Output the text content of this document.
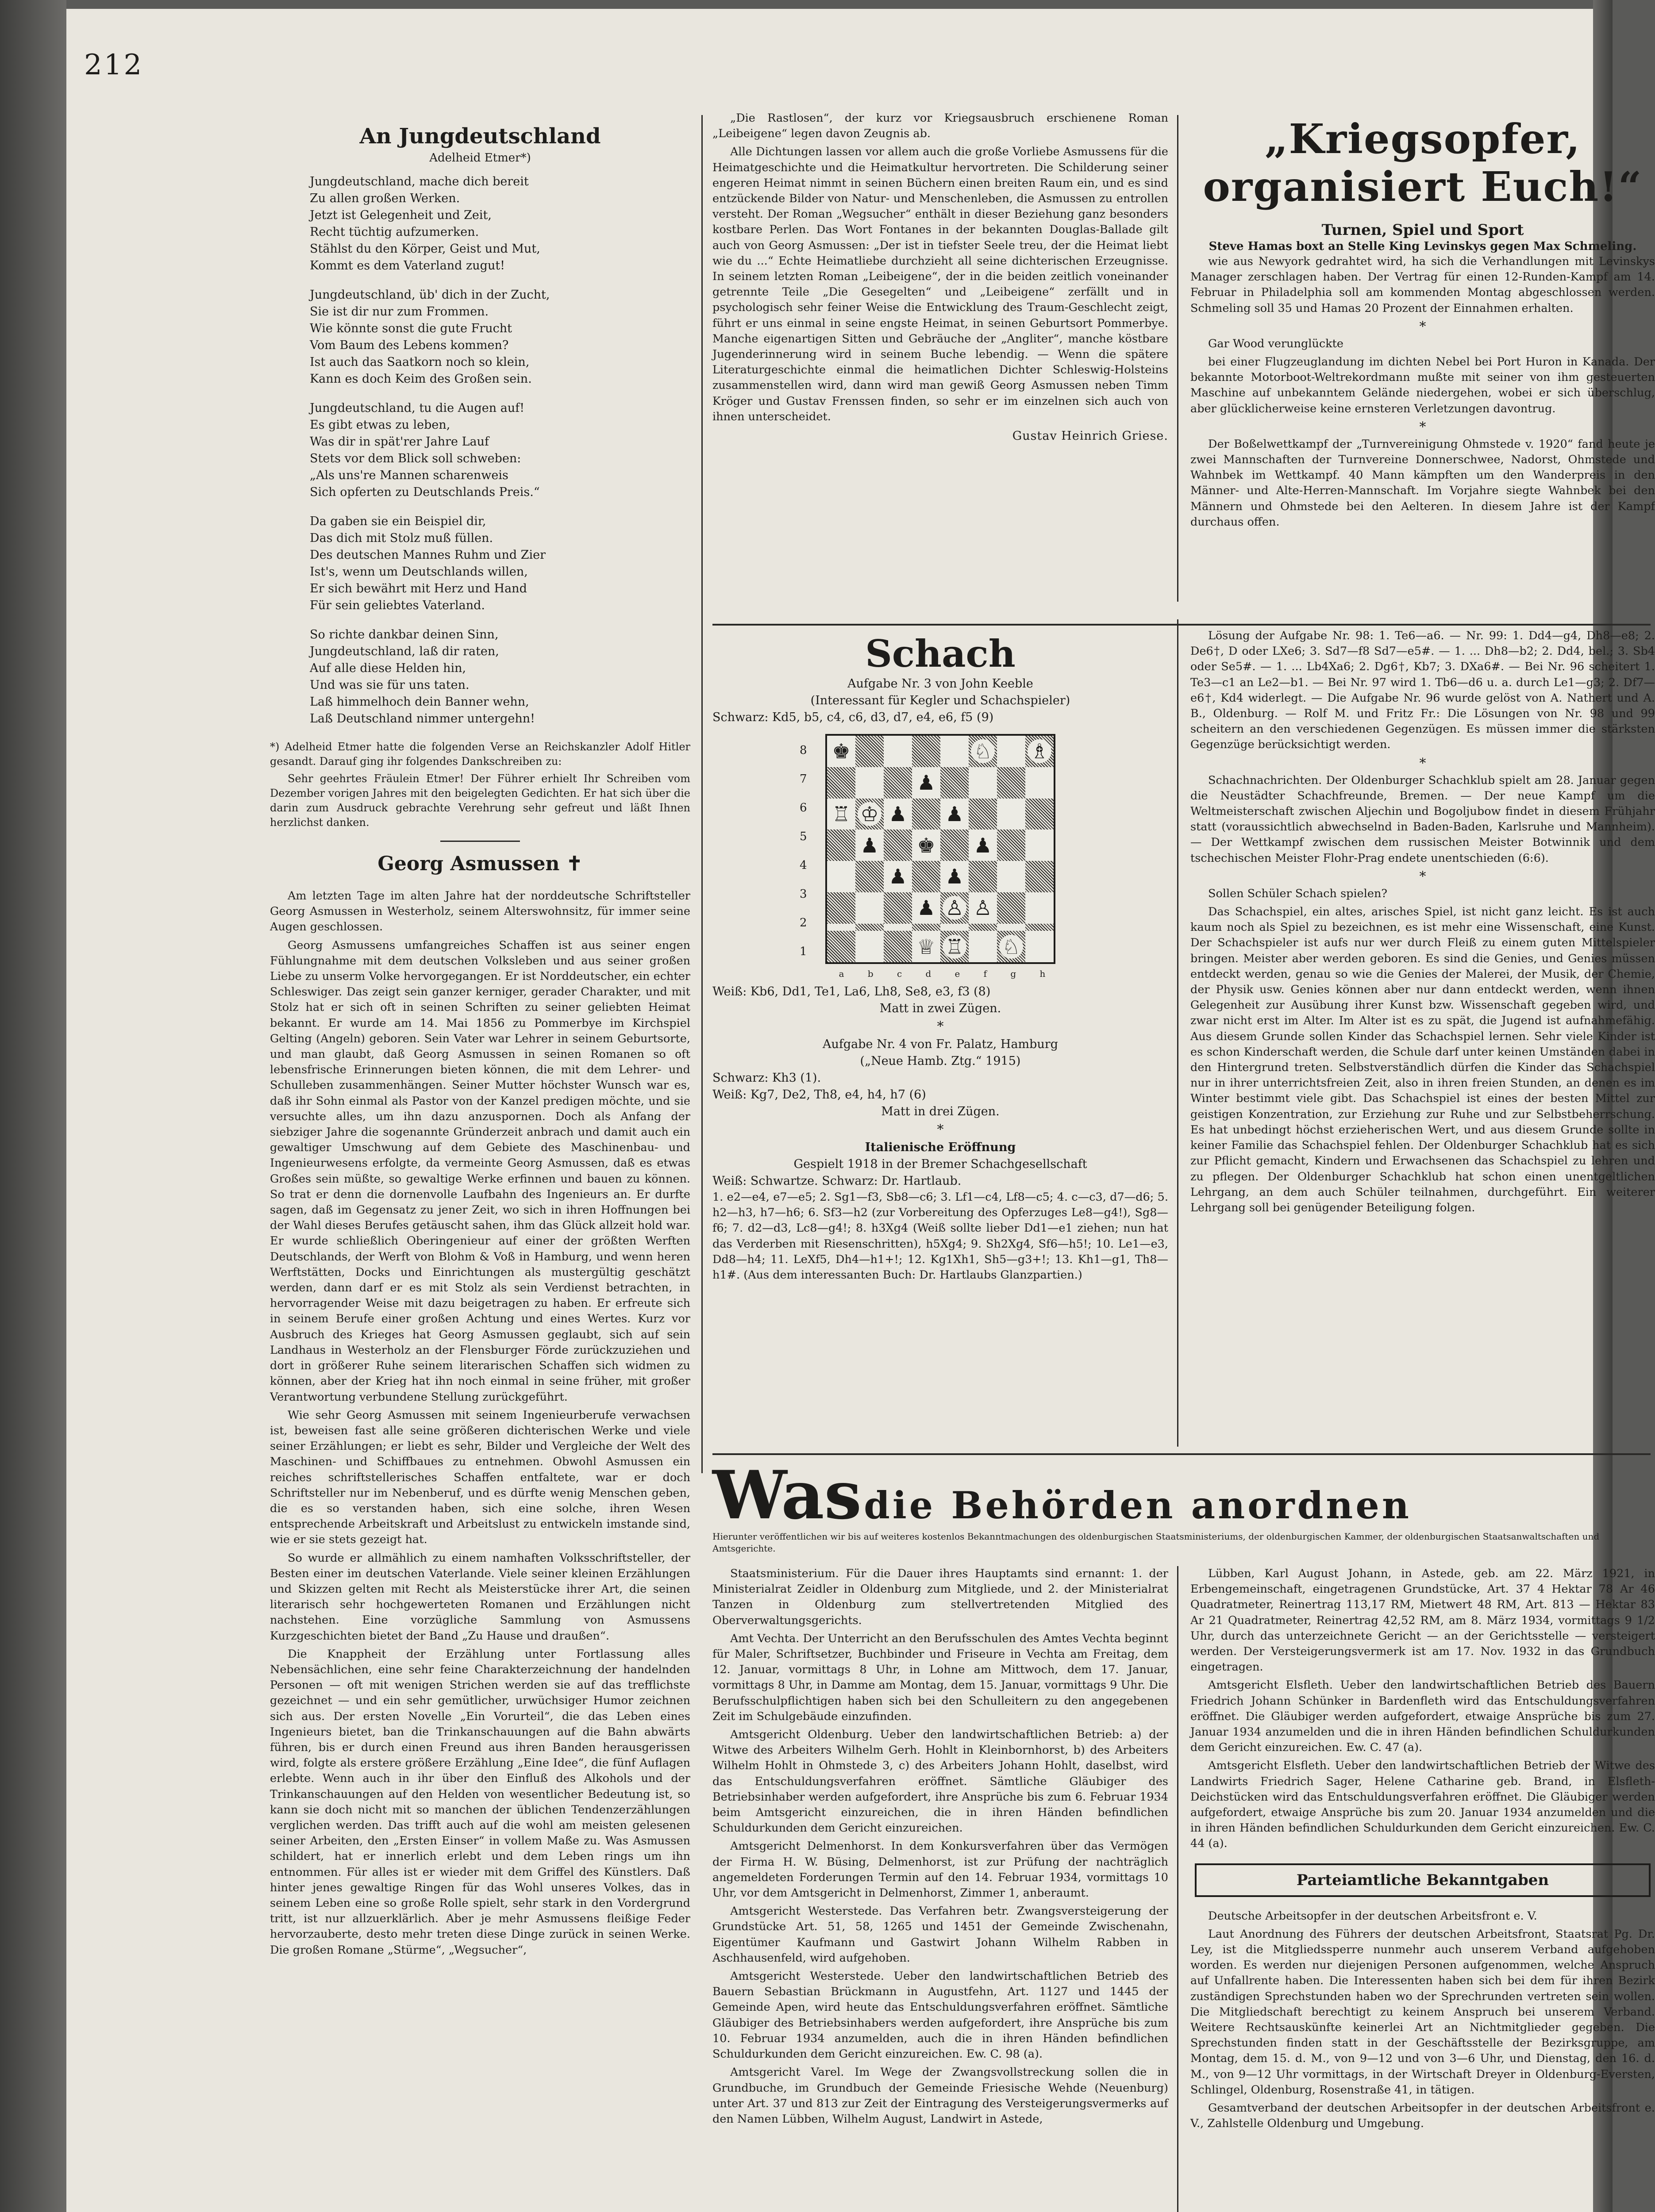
212
An Jungdeutschland
Adelheid Etmer*)

Jungdeutschland, mache dich bereit

Zu allen großen Werken.

Jetzt ist Gelegenheit und Zeit,

Recht tüchtig aufzumerken.

Stählst du den Körper, Geist und Mut,

Kommt es dem Vaterland zugut!

Jungdeutschland, üb' dich in der Zucht,

Sie ist dir nur zum Frommen.

Wie könnte sonst die gute Frucht

Vom Baum des Lebens kommen?

Ist auch das Saatkorn noch so klein,

Kann es doch Keim des Großen sein.

Jungdeutschland, tu die Augen auf!

Es gibt etwas zu leben,

Was dir in spät'rer Jahre Lauf

Stets vor dem Blick soll schweben:

„Als uns're Mannen scharenweis

Sich opferten zu Deutschlands Preis.“

Da gaben sie ein Beispiel dir,

Das dich mit Stolz muß füllen.

Des deutschen Mannes Ruhm und Zier

Ist's, wenn um Deutschlands willen,

Er sich bewährt mit Herz und Hand

Für sein geliebtes Vaterland.

So richte dankbar deinen Sinn,

Jungdeutschland, laß dir raten,

Auf alle diese Helden hin,

Und was sie für uns taten.

Laß himmelhoch dein Banner wehn,

Laß Deutschland nimmer untergehn!

*) Adelheid Etmer hatte die folgenden Verse an Reichskanzler Adolf Hitler gesandt. Darauf ging ihr folgendes Dankschreiben zu:

Sehr geehrtes Fräulein Etmer! Der Führer erhielt Ihr Schreiben vom Dezember vorigen Jahres mit den beigelegten Gedichten. Er hat sich über die darin zum Ausdruck gebrachte Verehrung sehr gefreut und läßt Ihnen herzlichst danken.

Georg Asmussen ✝

Am letzten Tage im alten Jahre hat der norddeutsche Schriftsteller Georg Asmussen in Westerholz, seinem Alterswohnsitz, für immer seine Augen geschlossen.

Georg Asmussens umfangreiches Schaffen ist aus seiner engen Fühlungnahme mit dem deutschen Volksleben und aus seiner großen Liebe zu unserm Volke hervorgegangen. Er ist Norddeutscher, ein echter Schleswiger. Das zeigt sein ganzer kerniger, gerader Charakter, und mit Stolz hat er sich oft in seinen Schriften zu seiner geliebten Heimat bekannt. Er wurde am 14. Mai 1856 zu Pommerbye im Kirchspiel Gelting (Angeln) geboren. Sein Vater war Lehrer in seinem Geburtsorte, und man glaubt, daß Georg Asmussen in seinen Romanen so oft lebensfrische Erinnerungen bieten können, die mit dem Lehrer- und Schulleben zusammenhängen. Seiner Mutter höchster Wunsch war es, daß ihr Sohn einmal als Pastor von der Kanzel predigen möchte, und sie versuchte alles, um ihn dazu anzuspornen. Doch als Anfang der siebziger Jahre die sogenannte Gründerzeit anbrach und damit auch ein gewaltiger Umschwung auf dem Gebiete des Maschinenbau- und Ingenieurwesens erfolgte, da vermeinte Georg Asmussen, daß es etwas Großes sein müßte, so gewaltige Werke erfinnen und bauen zu können. So trat er denn die dornenvolle Laufbahn des Ingenieurs an. Er durfte sagen, daß im Gegensatz zu jener Zeit, wo sich in ihren Hoffnungen bei der Wahl dieses Berufes getäuscht sahen, ihm das Glück allzeit hold war. Er wurde schließlich Oberingenieur auf einer der größten Werften Deutschlands, der Werft von Blohm & Voß in Hamburg, und wenn heren Werftstätten, Docks und Einrichtungen als mustergültig geschätzt werden, dann darf er es mit Stolz als sein Verdienst betrachten, in hervorragender Weise mit dazu beigetragen zu haben. Er erfreute sich in seinem Berufe einer großen Achtung und eines Wertes. Kurz vor Ausbruch des Krieges hat Georg Asmussen geglaubt, sich auf sein Landhaus in Westerholz an der Flensburger Förde zurückzuziehen und dort in größerer Ruhe seinem literarischen Schaffen sich widmen zu können, aber der Krieg hat ihn noch einmal in seine früher, mit großer Verantwortung verbundene Stellung zurückgeführt.

Wie sehr Georg Asmussen mit seinem Ingenieurberufe verwachsen ist, beweisen fast alle seine größeren dichterischen Werke und viele seiner Erzählungen; er liebt es sehr, Bilder und Vergleiche der Welt des Maschinen- und Schiffbaues zu entnehmen. Obwohl Asmussen ein reiches schriftstellerisches Schaffen entfaltete, war er doch Schriftsteller nur im Nebenberuf, und es dürfte wenig Menschen geben, die es so verstanden haben, sich eine solche, ihren Wesen entsprechende Arbeitskraft und Arbeitslust zu entwickeln imstande sind, wie er sie stets gezeigt hat.

So wurde er allmählich zu einem namhaften Volksschriftsteller, der Besten einer im deutschen Vaterlande. Viele seiner kleinen Erzählungen und Skizzen gelten mit Recht als Meisterstücke ihrer Art, die seinen literarisch sehr hochgewerteten Romanen und Erzählungen nicht nachstehen. Eine vorzügliche Sammlung von Asmussens Kurzgeschichten bietet der Band „Zu Hause und draußen“.

Die Knappheit der Erzählung unter Fortlassung alles Nebensächlichen, eine sehr feine Charakterzeichnung der handelnden Personen — oft mit wenigen Strichen werden sie auf das trefflichste gezeichnet — und ein sehr gemütlicher, urwüchsiger Humor zeichnen sich aus. Der ersten Novelle „Ein Vorurteil“, die das Leben eines Ingenieurs bietet, ban die Trinkanschauungen auf die Bahn abwärts führen, bis er durch einen Freund aus ihren Banden herausgerissen wird, folgte als erstere größere Erzählung „Eine Idee“, die fünf Auflagen erlebte. Wenn auch in ihr über den Einfluß des Alkohols und der Trinkanschauungen auf den Helden von wesentlicher Bedeutung ist, so kann sie doch nicht mit so manchen der üblichen Tendenzerzählungen verglichen werden. Das trifft auch auf die wohl am meisten gelesenen seiner Arbeiten, den „Ersten Einser“ in vollem Maße zu. Was Asmussen schildert, hat er innerlich erlebt und dem Leben rings um ihn entnommen. Für alles ist er wieder mit dem Griffel des Künstlers. Daß hinter jenes gewaltige Ringen für das Wohl unseres Volkes, das in seinem Leben eine so große Rolle spielt, sehr stark in den Vordergrund tritt, ist nur allzuerklärlich. Aber je mehr Asmussens fleißige Feder hervorzauberte, desto mehr treten diese Dinge zurück in seinen Werke. Die großen Romane „Stürme“, „Wegsucher“,

„Die Rastlosen“, der kurz vor Kriegsausbruch erschienene Roman „Leibeigene“ legen davon Zeugnis ab.

Alle Dichtungen lassen vor allem auch die große Vorliebe Asmussens für die Heimatgeschichte und die Heimatkultur hervortreten. Die Schilderung seiner engeren Heimat nimmt in seinen Büchern einen breiten Raum ein, und es sind entzückende Bilder von Natur- und Menschenleben, die Asmussen zu entrollen versteht. Der Roman „Wegsucher“ enthält in dieser Beziehung ganz besonders kostbare Perlen. Das Wort Fontanes in der bekannten Douglas-Ballade gilt auch von Georg Asmussen: „Der ist in tiefster Seele treu, der die Heimat liebt wie du ...“ Echte Heimatliebe durchzieht all seine dichterischen Erzeugnisse. In seinem letzten Roman „Leibeigene“, der in die beiden zeitlich voneinander getrennte Teile „Die Gesegelten“ und „Leibeigene“ zerfällt und in psychologisch sehr feiner Weise die Entwicklung des Traum-Geschlecht zeigt, führt er uns einmal in seine engste Heimat, in seinen Geburtsort Pommerbye. Manche eigenartigen Sitten und Gebräuche der „Angliter“, manche köstbare Jugenderinnerung wird in seinem Buche lebendig. — Wenn die spätere Literaturgeschichte einmal die heimatlichen Dichter Schleswig-Holsteins zusammenstellen wird, dann wird man gewiß Georg Asmussen neben Timm Kröger und Gustav Frenssen finden, so sehr er im einzelnen sich auch von ihnen unterscheidet.

Gustav Heinrich Griese.
„Kriegsopfer, organisiert Euch!“
Turnen, Spiel und Sport
Steve Hamas boxt an Stelle King Levinskys gegen Max Schmeling.

wie aus Newyork gedrahtet wird, ha sich die Verhandlungen mit Levinskys Manager zerschlagen haben. Der Vertrag für einen 12-Runden-Kampf am 14. Februar in Philadelphia soll am kommenden Montag abgeschlossen werden. Schmeling soll 35 und Hamas 20 Prozent der Einnahmen erhalten.

*

Gar Wood verunglückte

bei einer Flugzeuglandung im dichten Nebel bei Port Huron in Kanada. Der bekannte Motorboot-Weltrekordmann mußte mit seiner von ihm gesteuerten Maschine auf unbekanntem Gelände niedergehen, wobei er sich überschlug, aber glücklicherweise keine ernsteren Verletzungen davontrug.

*

Der Boßelwettkampf der „Turnvereinigung Ohmstede v. 1920“ fand heute je zwei Mannschaften der Turnvereine Donnerschwee, Nadorst, Ohmstede und Wahnbek im Wettkampf. 40 Mann kämpften um den Wanderpreis in den Männer- und Alte-Herren-Mannschaft. Im Vorjahre siegte Wahnbek bei den Männern und Ohmstede bei den Aelteren. In diesem Jahre ist der Kampf durchaus offen.

Schach
Aufgabe Nr. 3 von John Keeble
(Interessant für Kegler und Schachspieler)
Schwarz: Kd5, b5, c4, c6, d3, d7, e4, e6, f5 (9)
8
7
6
5
4
3
2
1
a	b	c	d	e	f	g	h
♚	♘ ♗
♟
♖ ♔ ♟ ♟
♟ ♚ ♟
♟ ♟
♟ ♙ ♙
♕ ♖ ♘
Weiß: Kb6, Dd1, Te1, La6, Lh8, Se8, e3, f3 (8)
Matt in zwei Zügen.
*
Aufgabe Nr. 4 von Fr. Palatz, Hamburg
(„Neue Hamb. Ztg.“ 1915)
Schwarz: Kh3 (1).
Weiß: Kg7, De2, Th8, e4, h4, h7 (6)
Matt in drei Zügen.
*
Italienische Eröffnung
Gespielt 1918 in der Bremer Schachgesellschaft
Weiß: Schwartze. Schwarz: Dr. Hartlaub.

1. e2—e4, e7—e5; 2. Sg1—f3, Sb8—c6; 3. Lf1—c4, Lf8—c5; 4. c—c3, d7—d6; 5. h2—h3, h7—h6; 6. Sf3—h2 (zur Vorbereitung des Opferzuges Le8—g4!), Sg8—f6; 7. d2—d3, Lc8—g4!; 8. h3Xg4 (Weiß sollte lieber Dd1—e1 ziehen; nun hat das Verderben mit Riesenschritten), h5Xg4; 9. Sh2Xg4, Sf6—h5!; 10. Le1—e3, Dd8—h4; 11. LeXf5, Dh4—h1+!; 12. Kg1Xh1, Sh5—g3+!; 13. Kh1—g1, Th8—h1#. (Aus dem interessanten Buch: Dr. Hartlaubs Glanzpartien.)

Lösung der Aufgabe Nr. 98: 1. Te6—a6. — Nr. 99: 1. Dd4—g4, Dh8—e8; 2. De6†, D oder LXe6; 3. Sd7—f8 Sd7—e5#. — 1. ... Dh8—b2; 2. Dd4, bel.; 3. Sb4 oder Se5#. — 1. ... Lb4Xa6; 2. Dg6†, Kb7; 3. DXa6#. — Bei Nr. 96 scheitert 1. Te3—c1 an Le2—b1. — Bei Nr. 97 wird 1. Tb6—d6 u. a. durch Le1—g3; 2. Df7—e6†, Kd4 widerlegt. — Die Aufgabe Nr. 96 wurde gelöst von A. Nathert und A. B., Oldenburg. — Rolf M. und Fritz Fr.: Die Lösungen von Nr. 98 und 99 scheitern an den verschiedenen Gegenzügen. Es müssen immer die stärksten Gegenzüge berücksichtigt werden.

*

Schachnachrichten. Der Oldenburger Schachklub spielt am 28. Januar gegen die Neustädter Schachfreunde, Bremen. — Der neue Kampf um die Weltmeisterschaft zwischen Aljechin und Bogoljubow findet in diesem Frühjahr statt (voraussichtlich abwechselnd in Baden-Baden, Karlsruhe und Mannheim). — Der Wettkampf zwischen dem russischen Meister Botwinnik und dem tschechischen Meister Flohr-Prag endete unentschieden (6:6).

*

Sollen Schüler Schach spielen?

Das Schachspiel, ein altes, arisches Spiel, ist nicht ganz leicht. Es ist auch kaum noch als Spiel zu bezeichnen, es ist mehr eine Wissenschaft, eine Kunst. Der Schachspieler ist aufs nur wer durch Fleiß zu einem guten Mittelspieler bringen. Meister aber werden geboren. Es sind die Genies, und Genies müssen entdeckt werden, genau so wie die Genies der Malerei, der Musik, der Chemie, der Physik usw. Genies können aber nur dann entdeckt werden, wenn ihnen Gelegenheit zur Ausübung ihrer Kunst bzw. Wissenschaft gegeben wird, und zwar nicht erst im Alter. Im Alter ist es zu spät, die Jugend ist aufnahmefähig. Aus diesem Grunde sollen Kinder das Schachspiel lernen. Sehr viele Kinder ist es schon Kinderschaft werden, die Schule darf unter keinen Umständen dabei in den Hintergrund treten. Selbstverständlich dürfen die Kinder das Schachspiel nur in ihrer unterrichtsfreien Zeit, also in ihren freien Stunden, an denen es im Winter bestimmt viele gibt. Das Schachspiel ist eines der besten Mittel zur geistigen Konzentration, zur Erziehung zur Ruhe und zur Selbstbeherrschung. Es hat unbedingt höchst erzieherischen Wert, und aus diesem Grunde sollte in keiner Familie das Schachspiel fehlen. Der Oldenburger Schachklub hat es sich zur Pflicht gemacht, Kindern und Erwachsenen das Schachspiel zu lehren und zu pflegen. Der Oldenburger Schachklub hat schon einen unentgeltlichen Lehrgang, an dem auch Schüler teilnahmen, durchgeführt. Ein weiterer Lehrgang soll bei genügender Beteiligung folgen.

Was die Behörden anordnen
Hierunter veröffentlichen wir bis auf weiteres kostenlos Bekanntmachungen des oldenburgischen Staatsministeriums, der oldenburgischen Kammer, der oldenburgischen Staatsanwaltschaften und Amtsgerichte.

Staatsministerium. Für die Dauer ihres Hauptamts sind ernannt: 1. der Ministerialrat Zeidler in Oldenburg zum Mitgliede, und 2. der Ministerialrat Tanzen in Oldenburg zum stellvertretenden Mitglied des Oberverwaltungsgerichts.

Amt Vechta. Der Unterricht an den Berufsschulen des Amtes Vechta beginnt für Maler, Schriftsetzer, Buchbinder und Friseure in Vechta am Freitag, dem 12. Januar, vormittags 8 Uhr, in Lohne am Mittwoch, dem 17. Januar, vormittags 8 Uhr, in Damme am Montag, dem 15. Januar, vormittags 9 Uhr. Die Berufsschulpflichtigen haben sich bei den Schulleitern zu den angegebenen Zeit im Schulgebäude einzufinden.

Amtsgericht Oldenburg. Ueber den landwirtschaftlichen Betrieb: a) der Witwe des Arbeiters Wilhelm Gerh. Hohlt in Kleinbornhorst, b) des Arbeiters Wilhelm Hohlt in Ohmstede 3, c) des Arbeiters Johann Hohlt, daselbst, wird das Entschuldungsverfahren eröffnet. Sämtliche Gläubiger des Betriebsinhaber werden aufgefordert, ihre Ansprüche bis zum 6. Februar 1934 beim Amtsgericht einzureichen, die in ihren Händen befindlichen Schuldurkunden dem Gericht einzureichen.

Amtsgericht Delmenhorst. In dem Konkursverfahren über das Vermögen der Firma H. W. Büsing, Delmenhorst, ist zur Prüfung der nachträglich angemeldeten Forderungen Termin auf den 14. Februar 1934, vormittags 10 Uhr, vor dem Amtsgericht in Delmenhorst, Zimmer 1, anberaumt.

Amtsgericht Westerstede. Das Verfahren betr. Zwangsversteigerung der Grundstücke Art. 51, 58, 1265 und 1451 der Gemeinde Zwischenahn, Eigentümer Kaufmann und Gastwirt Johann Wilhelm Rabben in Aschhausenfeld, wird aufgehoben.

Amtsgericht Westerstede. Ueber den landwirtschaftlichen Betrieb des Bauern Sebastian Brückmann in Augustfehn, Art. 1127 und 1445 der Gemeinde Apen, wird heute das Entschuldungsverfahren eröffnet. Sämtliche Gläubiger des Betriebsinhabers werden aufgefordert, ihre Ansprüche bis zum 10. Februar 1934 anzumelden, auch die in ihren Händen befindlichen Schuldurkunden dem Gericht einzureichen. Ew. C. 98 (a).

Amtsgericht Varel. Im Wege der Zwangsvollstreckung sollen die in Grundbuche, im Grundbuch der Gemeinde Friesische Wehde (Neuenburg) unter Art. 37 und 813 zur Zeit der Eintragung des Versteigerungsvermerks auf den Namen Lübben, Wilhelm August, Landwirt in Astede,

Lübben, Karl August Johann, in Astede, geb. am 22. März 1921, in Erbengemeinschaft, eingetragenen Grundstücke, Art. 37 4 Hektar 78 Ar 46 Quadratmeter, Reinertrag 113,17 RM, Mietwert 48 RM, Art. 813 — Hektar 83 Ar 21 Quadratmeter, Reinertrag 42,52 RM, am 8. März 1934, vormittags 9 1/2 Uhr, durch das unterzeichnete Gericht — an der Gerichtsstelle — versteigert werden. Der Versteigerungsvermerk ist am 17. Nov. 1932 in das Grundbuch eingetragen.

Amtsgericht Elsfleth. Ueber den landwirtschaftlichen Betrieb des Bauern Friedrich Johann Schünker in Bardenfleth wird das Entschuldungsverfahren eröffnet. Die Gläubiger werden aufgefordert, etwaige Ansprüche bis zum 27. Januar 1934 anzumelden und die in ihren Händen befindlichen Schuldurkunden dem Gericht einzureichen. Ew. C. 47 (a).

Amtsgericht Elsfleth. Ueber den landwirtschaftlichen Betrieb der Witwe des Landwirts Friedrich Sager, Helene Catharine geb. Brand, in Elsfleth-Deichstücken wird das Entschuldungsverfahren eröffnet. Die Gläubiger werden aufgefordert, etwaige Ansprüche bis zum 20. Januar 1934 anzumelden und die in ihren Händen befindlichen Schuldurkunden dem Gericht einzureichen. Ew. C. 44 (a).

Parteiamtliche Bekanntgaben

Deutsche Arbeitsopfer in der deutschen Arbeitsfront e. V.

Laut Anordnung des Führers der deutschen Arbeitsfront, Staatsrat Pg. Dr. Ley, ist die Mitgliedssperre nunmehr auch unserem Verband aufgehoben worden. Es werden nur diejenigen Personen aufgenommen, welche Anspruch auf Unfallrente haben. Die Interessenten haben sich bei dem für ihren Bezirk zuständigen Sprechstunden haben wo der Sprechrunden vertreten sein wollen. Die Mitgliedschaft berechtigt zu keinem Anspruch bei unserem Verband. Weitere Rechtsauskünfte keinerlei Art an Nichtmitglieder gegeben. Die Sprechstunden finden statt in der Geschäftsstelle der Bezirksgruppe, am Montag, dem 15. d. M., von 9—12 und von 3—6 Uhr, und Dienstag, den 16. d. M., von 9—12 Uhr vormittags, in der Wirtschaft Dreyer in Oldenburg-Eversten, Schlingel, Oldenburg, Rosenstraße 41, in tätigen.

Gesamtverband der deutschen Arbeitsopfer in der deutschen Arbeitsfront e. V., Zahlstelle Oldenburg und Umgebung.
